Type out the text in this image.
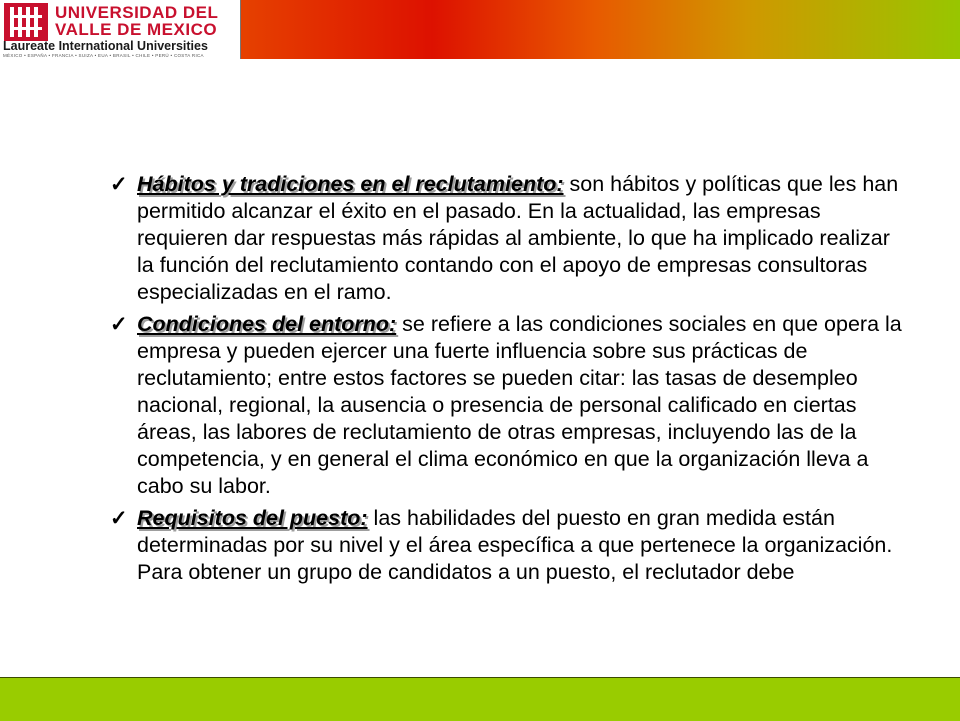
UNIVERSIDAD DEL
VALLE DE MEXICO
Laureate International Universities
MÉXICO • ESPAÑA • FRANCIA • SUIZA • EUA • BRASIL • CHILE • PERÚ • COSTA RICA
✓ Hábitos y tradiciones en el reclutamiento: son hábitos y políticas que les han permitido alcanzar el éxito en el pasado. En la actualidad, las empresas requieren dar respuestas más rápidas al ambiente, lo que ha implicado realizar la función del reclutamiento contando con el apoyo de empresas consultoras especializadas en el ramo.
✓ Condiciones del entorno: se refiere a las condiciones sociales en que opera la empresa y pueden ejercer una fuerte influencia sobre sus prácticas de reclutamiento; entre estos factores se pueden citar: las tasas de desempleo nacional, regional, la ausencia o presencia de personal calificado en ciertas áreas, las labores de reclutamiento de otras empresas, incluyendo las de la competencia, y en general el clima económico en que la organización lleva a cabo su labor.
✓ Requisitos del puesto: las habilidades del puesto en gran medida están determinadas por su nivel y el área específica a que pertenece la organización. Para obtener un grupo de candidatos a un puesto, el reclutador debe
